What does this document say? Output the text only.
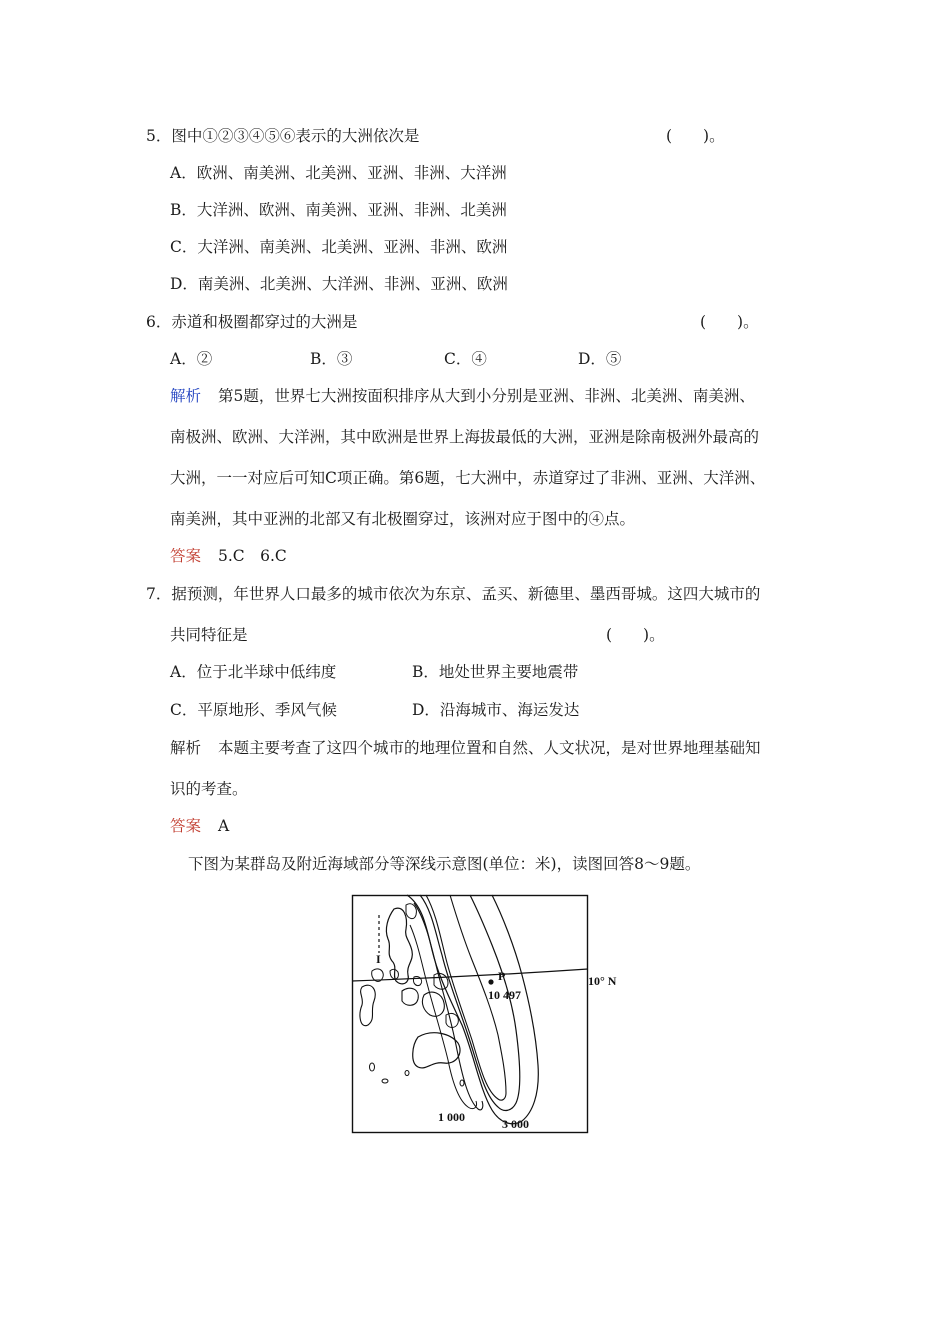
5．图中①②③④⑤⑥表示的大洲依次是	(　　)。
A．欧洲、南美洲、北美洲、亚洲、非洲、大洋洲
B．大洋洲、欧洲、南美洲、亚洲、非洲、北美洲
C．大洋洲、南美洲、北美洲、亚洲、非洲、欧洲
D．南美洲、北美洲、大洋洲、非洲、亚洲、欧洲
6．赤道和极圈都穿过的大洲是	(　　)。
A．②	B．③	C．④	D．⑤
解析 第5题，世界七大洲按面积排序从大到小分别是亚洲、非洲、北美洲、南美洲、
南极洲、欧洲、大洋洲，其中欧洲是世界上海拔最低的大洲，亚洲是除南极洲外最高的
大洲，一一对应后可知C项正确。第6题，七大洲中，赤道穿过了非洲、亚洲、大洋洲、
南美洲，其中亚洲的北部又有北极圈穿过，该洲对应于图中的④点。
答案 5.C　6.C
7．据预测，年世界人口最多的城市依次为东京、孟买、新德里、墨西哥城。这四大城市的
共同特征是	(　　)。
A．位于北半球中低纬度	B．地处世界主要地震带
C．平原地形、季风气候	D．沿海城市、海运发达
解析 本题主要考查了这四个城市的地理位置和自然、人文状况，是对世界地理基础知
识的考查。
答案 A
下图为某群岛及附近海域部分等深线示意图(单位：米)，读图回答8～9题。
I
P
10 497
10° N
1 000	3 000
